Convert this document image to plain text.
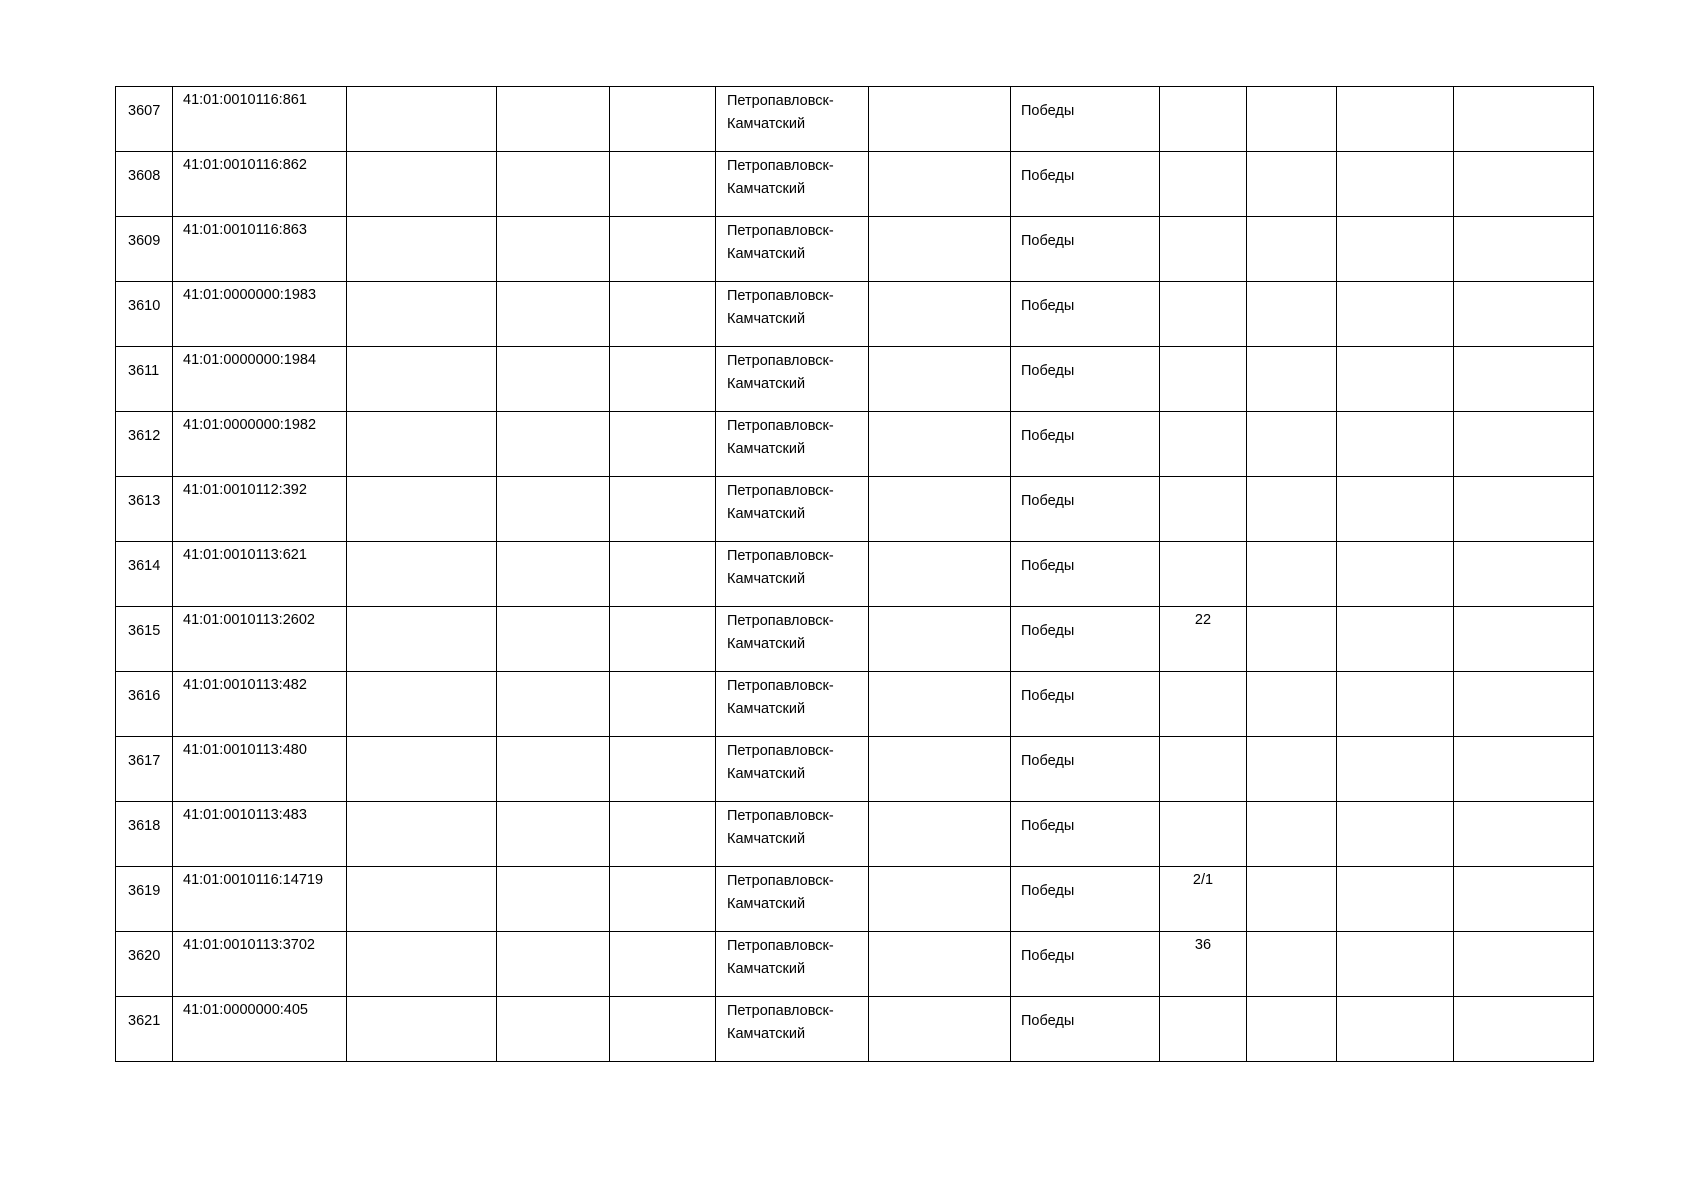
3607	41:01:0010116:861				Петропавловск-Камчатский		Победы				

3608	41:01:0010116:862				Петропавловск-Камчатский		Победы				

3609	41:01:0010116:863				Петропавловск-Камчатский		Победы				

3610	41:01:0000000:1983				Петропавловск-Камчатский		Победы				

3611	41:01:0000000:1984				Петропавловск-Камчатский		Победы				

3612	41:01:0000000:1982				Петропавловск-Камчатский		Победы				

3613	41:01:0010112:392				Петропавловск-Камчатский		Победы				

3614	41:01:0010113:621				Петропавловск-Камчатский		Победы				

3615	41:01:0010113:2602				Петропавловск-Камчатский		Победы	22			

3616	41:01:0010113:482				Петропавловск-Камчатский		Победы				

3617	41:01:0010113:480				Петропавловск-Камчатский		Победы				

3618	41:01:0010113:483				Петропавловск-Камчатский		Победы				

3619	41:01:0010116:14719				Петропавловск-Камчатский		Победы	2/1			

3620	41:01:0010113:3702				Петропавловск-Камчатский		Победы	36			

3621	41:01:0000000:405				Петропавловск-Камчатский		Победы				
